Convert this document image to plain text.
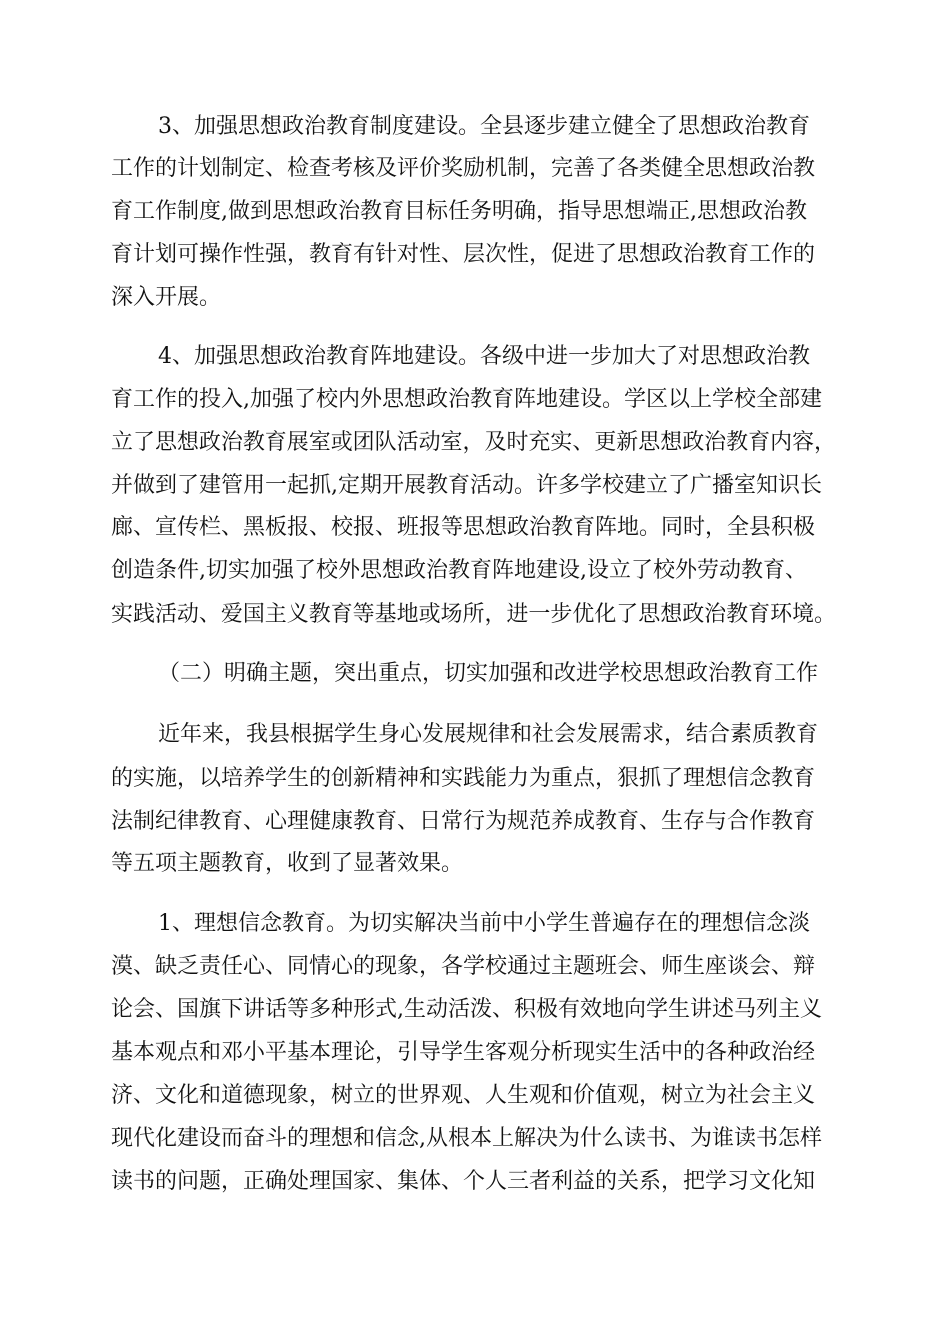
3、加强思想政治教育制度建设。全县逐步建立健全了思想政治教育
工作的计划制定、检查考核及评价奖励机制，完善了各类健全思想政治教
育工作制度,做到思想政治教育目标任务明确，指导思想端正,思想政治教
育计划可操作性强，教育有针对性、层次性，促进了思想政治教育工作的
深入开展。
4、加强思想政治教育阵地建设。各级中进一步加大了对思想政治教
育工作的投入,加强了校内外思想政治教育阵地建设。学区以上学校全部建
立了思想政治教育展室或团队活动室，及时充实、更新思想政治教育内容，
并做到了建管用一起抓,定期开展教育活动。许多学校建立了广播室知识长
廊、宣传栏、黑板报、校报、班报等思想政治教育阵地。同时，全县积极
创造条件,切实加强了校外思想政治教育阵地建设,设立了校外劳动教育、
实践活动、爱国主义教育等基地或场所，进一步优化了思想政治教育环境。
（二）明确主题，突出重点，切实加强和改进学校思想政治教育工作
近年来，我县根据学生身心发展规律和社会发展需求，结合素质教育
的实施，以培养学生的创新精神和实践能力为重点，狠抓了理想信念教育
法制纪律教育、心理健康教育、日常行为规范养成教育、生存与合作教育
等五项主题教育，收到了显著效果。
1、理想信念教育。为切实解决当前中小学生普遍存在的理想信念淡
漠、缺乏责任心、同情心的现象，各学校通过主题班会、师生座谈会、辩
论会、国旗下讲话等多种形式,生动活泼、积极有效地向学生讲述马列主义
基本观点和邓小平基本理论，引导学生客观分析现实生活中的各种政治经
济、文化和道德现象，树立的世界观、人生观和价值观，树立为社会主义
现代化建设而奋斗的理想和信念,从根本上解决为什么读书、为谁读书怎样
读书的问题，正确处理国家、集体、个人三者利益的关系，把学习文化知
